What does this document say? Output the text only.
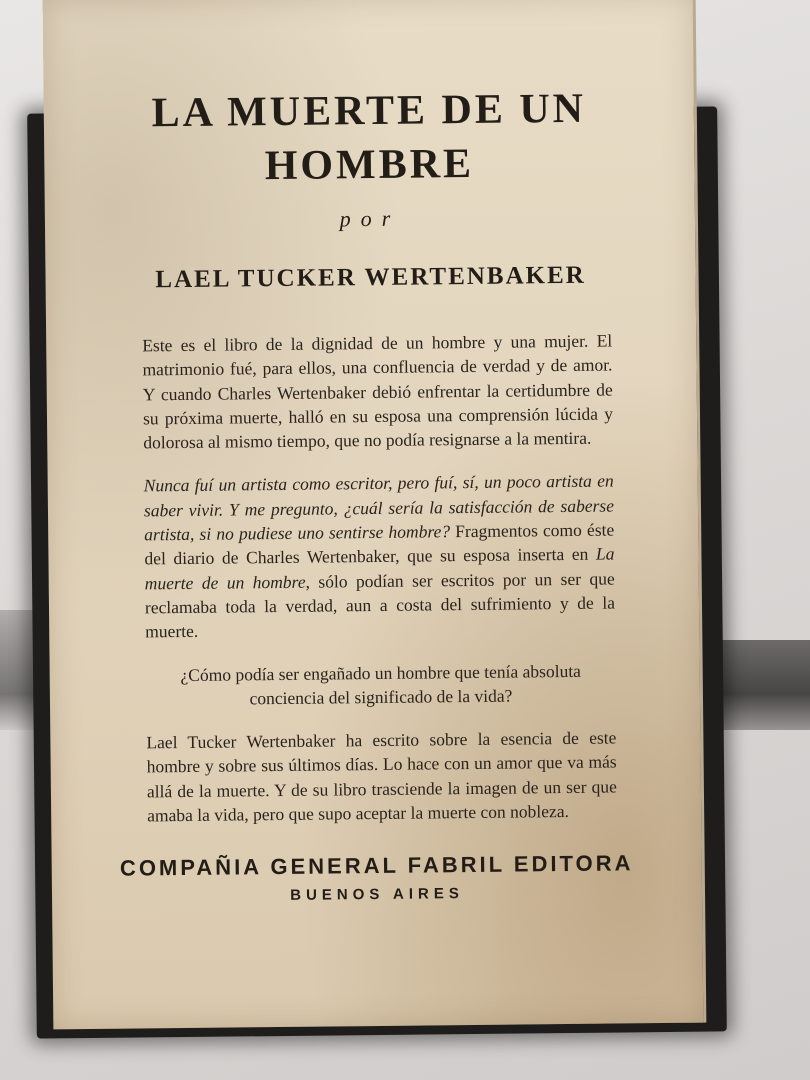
LA MUERTE DE UN
HOMBRE
por
LAEL TUCKER WERTENBAKER

Este es el libro de la dignidad de un hombre y una mujer. El matrimonio fué, para ellos, una confluencia de verdad y de amor. Y cuando Charles Wertenbaker debió enfrentar la certidumbre de su próxima muerte, halló en su esposa una comprensión lúcida y dolorosa al mismo tiempo, que no podía resignarse a la mentira.

Nunca fuí un artista como escritor, pero fuí, sí, un poco artista en saber vivir. Y me pregunto, ¿cuál sería la satisfacción de saberse artista, si no pudiese uno sentirse hombre? Fragmentos como éste del diario de Charles Wertenbaker, que su esposa inserta en La muerte de un hombre, sólo podían ser escritos por un ser que reclamaba toda la verdad, aun a costa del sufrimiento y de la muerte.

¿Cómo podía ser engañado un hombre que tenía absoluta conciencia del significado de la vida?

Lael Tucker Wertenbaker ha escrito sobre la esencia de este hombre y sobre sus últimos días. Lo hace con un amor que va más allá de la muerte. Y de su libro trasciende la imagen de un ser que amaba la vida, pero que supo aceptar la muerte con nobleza.

COMPAÑIA GENERAL FABRIL EDITORA
BUENOS AIRES
